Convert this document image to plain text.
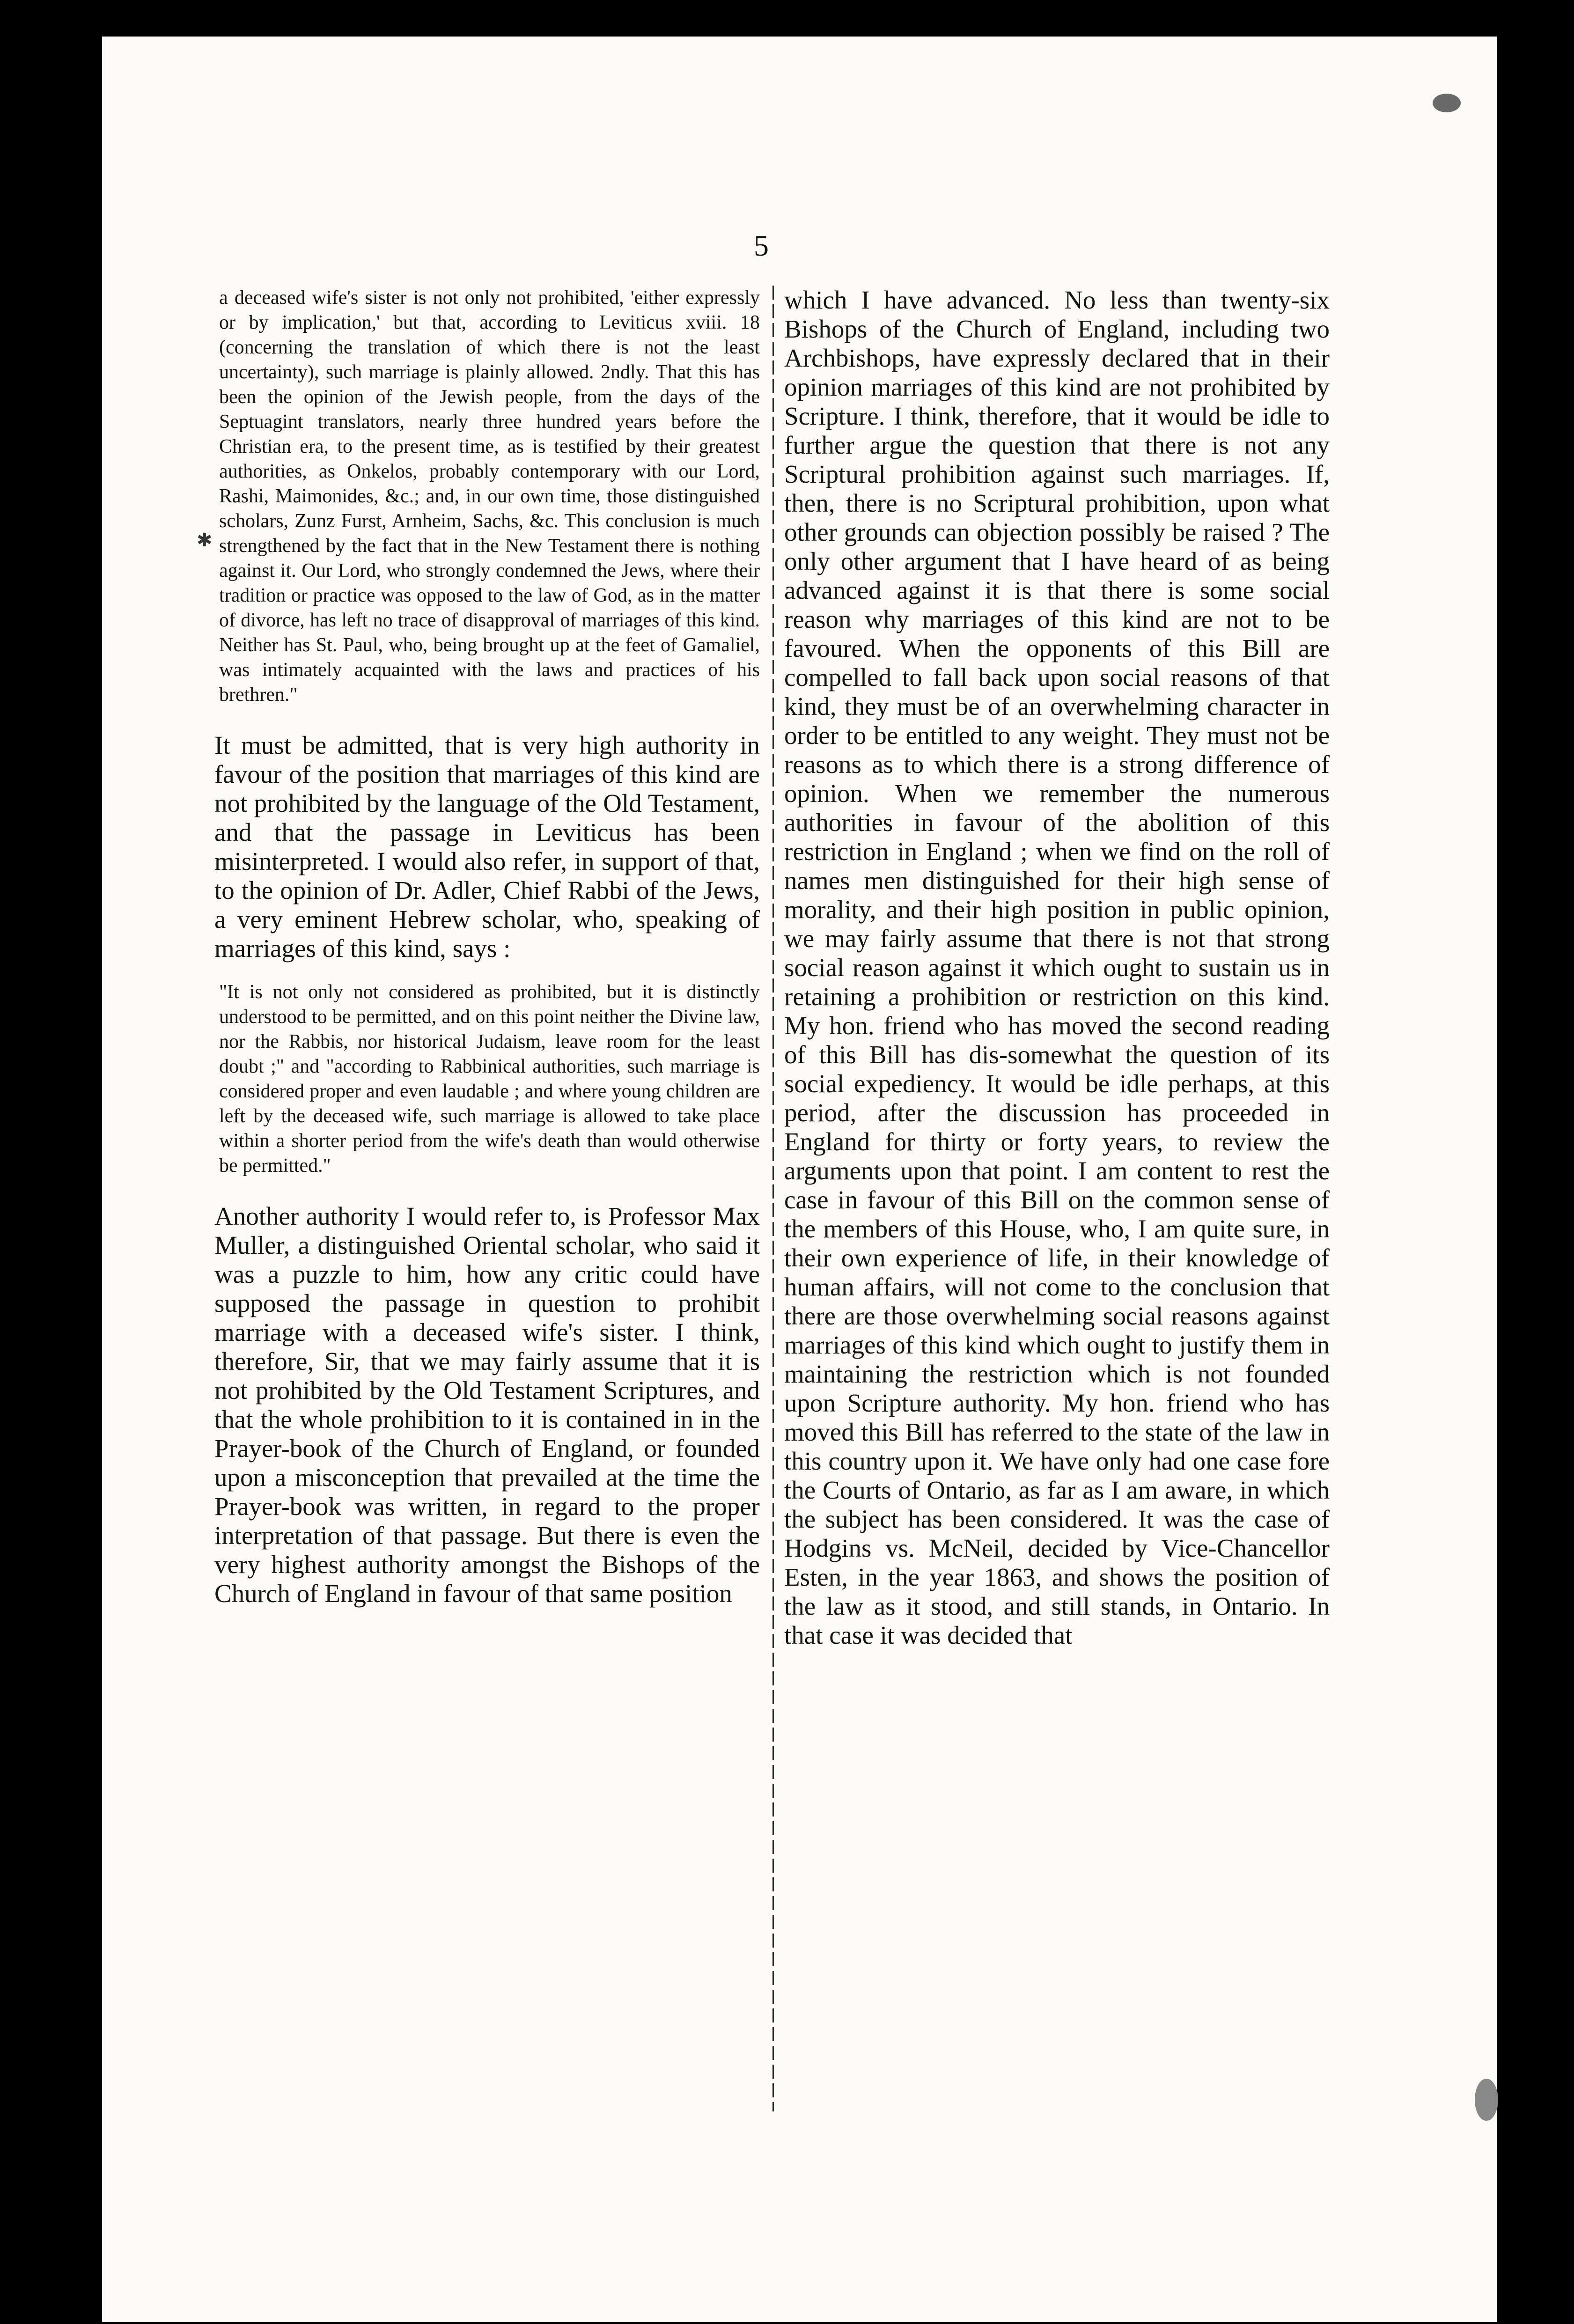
5

a deceased wife's sister is not only not prohibited, 'either expressly or by implication,' but that, according to Leviticus xviii. 18 (concerning the translation of which there is not the least uncertainty), such marriage is plainly allowed. 2ndly. That this has been the opinion of the Jewish people, from the days of the Septuagint translators, nearly three hundred years before the Christian era, to the present time, as is testified by their greatest authorities, as Onkelos, probably contemporary with our Lord, Rashi, Maimonides, &c.; and, in our own time, those distinguished scholars, Zunz Furst, Arnheim, Sachs, &c. This conclusion is much strengthened by the fact that in the New Testament there is nothing against it. Our Lord, who strongly condemned the Jews, where their tradition or practice was opposed to the law of God, as in the matter of divorce, has left no trace of disapproval of marriages of this kind. Neither has St. Paul, who, being brought up at the feet of Gamaliel, was intimately acquainted with the laws and practices of his brethren."

It must be admitted, that is very high authority in favour of the position that marriages of this kind are not prohibited by the language of the Old Testament, and that the passage in Leviticus has been misinterpreted. I would also refer, in support of that, to the opinion of Dr. Adler, Chief Rabbi of the Jews, a very eminent Hebrew scholar, who, speaking of marriages of this kind, says :

"It is not only not considered as prohibited, but it is distinctly understood to be permitted, and on this point neither the Divine law, nor the Rabbis, nor historical Judaism, leave room for the least doubt ;" and "according to Rabbinical authorities, such marriage is considered proper and even laudable ; and where young children are left by the deceased wife, such marriage is allowed to take place within a shorter period from the wife's death than would otherwise be permitted."

Another authority I would refer to, is Professor Max Muller, a distinguished Oriental scholar, who said it was a puzzle to him, how any critic could have supposed the passage in question to prohibit marriage with a deceased wife's sister. I think, therefore, Sir, that we may fairly assume that it is not prohibited by the Old Testament Scriptures, and that the whole prohibition to it is contained in in the Prayer-book of the Church of England, or founded upon a misconception that prevailed at the time the Prayer-book was written, in regard to the proper interpretation of that passage. But there is even the very highest authority amongst the Bishops of the Church of England in favour of that same position

which I have advanced. No less than twenty-six Bishops of the Church of England, including two Archbishops, have expressly declared that in their opinion marriages of this kind are not prohibited by Scripture. I think, therefore, that it would be idle to further argue the question that there is not any Scriptural prohibition against such marriages. If, then, there is no Scriptural prohibition, upon what other grounds can objection possibly be raised ? The only other argument that I have heard of as being advanced against it is that there is some social reason why marriages of this kind are not to be favoured. When the opponents of this Bill are compelled to fall back upon social reasons of that kind, they must be of an overwhelming character in order to be entitled to any weight. They must not be reasons as to which there is a strong difference of opinion. When we remember the numerous authorities in favour of the abolition of this restriction in England ; when we find on the roll of names men distinguished for their high sense of morality, and their high position in public opinion, we may fairly assume that there is not that strong social reason against it which ought to sustain us in retaining a prohibition or restriction on this kind. My hon. friend who has moved the second reading of this Bill has dis-somewhat the question of its social expediency. It would be idle perhaps, at this period, after the discussion has proceeded in England for thirty or forty years, to review the arguments upon that point. I am content to rest the case in favour of this Bill on the common sense of the members of this House, who, I am quite sure, in their own experience of life, in their knowledge of human affairs, will not come to the conclusion that there are those overwhelming social reasons against marriages of this kind which ought to justify them in maintaining the restriction which is not founded upon Scripture authority. My hon. friend who has moved this Bill has referred to the state of the law in this country upon it. We have only had one case fore the Courts of Ontario, as far as I am aware, in which the subject has been considered. It was the case of Hodgins vs. McNeil, decided by Vice-Chancellor Esten, in the year 1863, and shows the position of the law as it stood, and still stands, in Ontario. In that case it was decided that

✱
